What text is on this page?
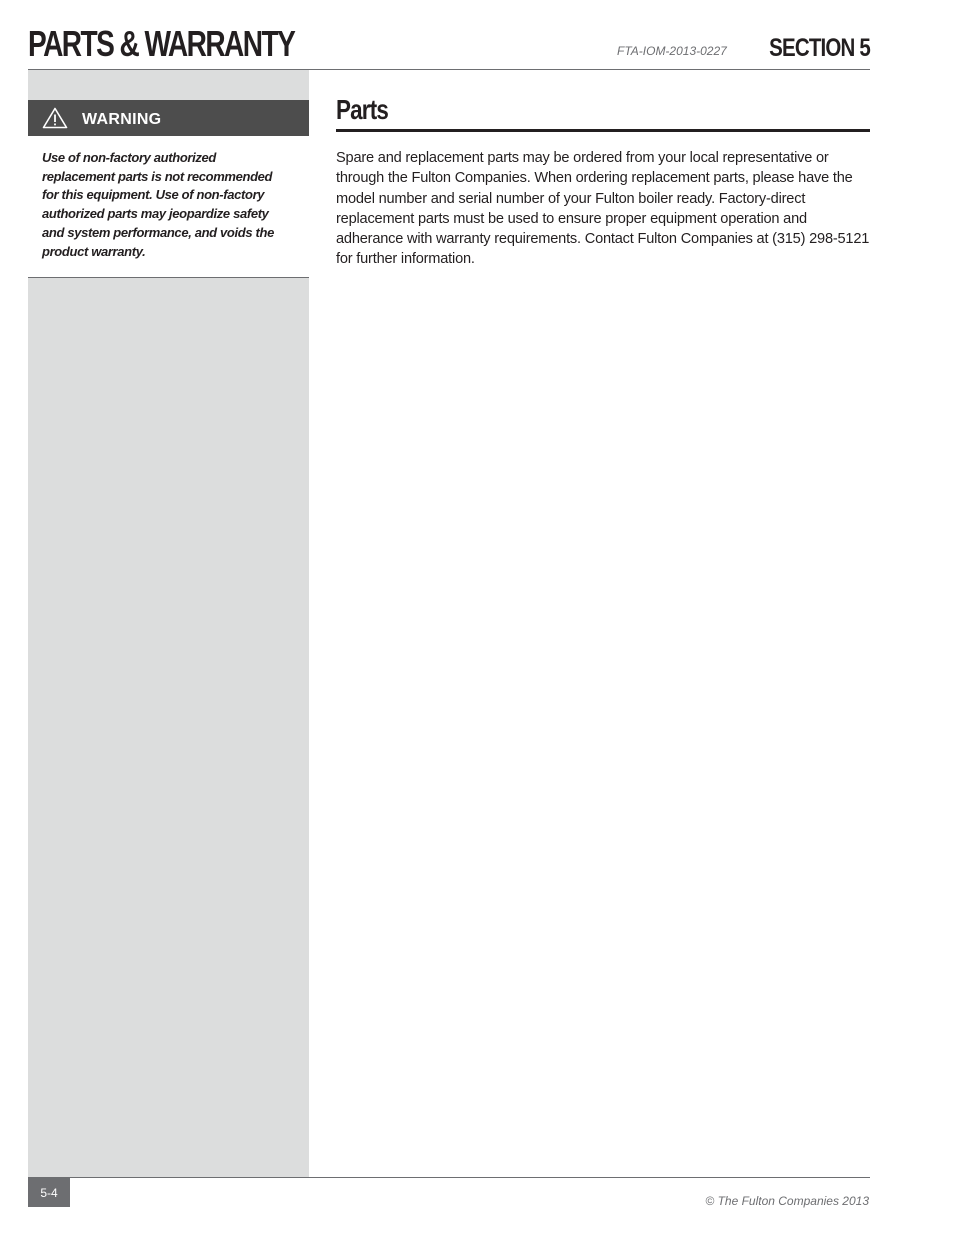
PARTS & WARRANTY	FTA-IOM-2013-0227 SECTION 5
WARNING

Use of non-factory authorized replacement parts is not recommended for this equipment. Use of non-factory authorized parts may jeopardize safety and system performance, and voids the product warranty.

Parts

Spare and replacement parts may be ordered from your local representative or through the Fulton Companies. When ordering replacement parts, please have the model number and serial number of your Fulton boiler ready. Factory-direct replacement parts must be used to ensure proper equipment operation and adherance with warranty requirements. Contact Fulton Companies at (315) 298-5121 for further information.

5-4
© The Fulton Companies 2013
